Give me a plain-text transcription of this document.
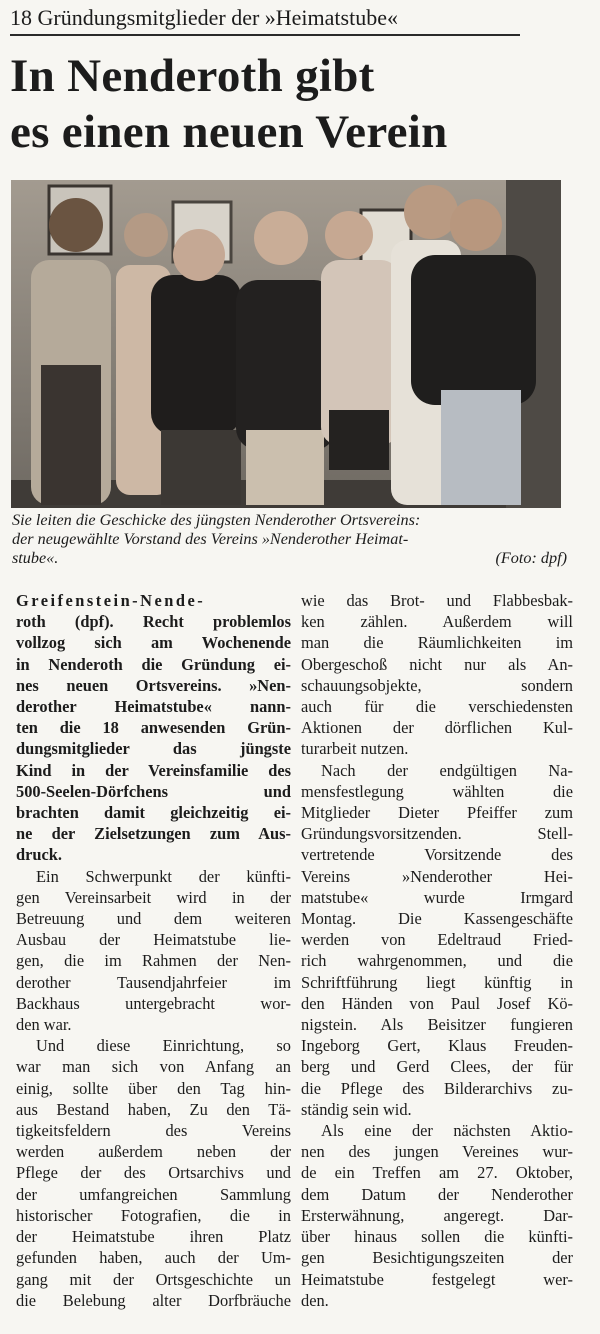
18 Gründungsmitglieder der »Heimatstube«
In Nenderoth gibt
es einen neuen Verein
Sie leiten die Geschicke des jüngsten Nenderother Ortsvereins:
der neugewählte Vorstand des Vereins »Nenderother Heimat-
stube«.	(Foto: dpf)
Greifenstein-Nende-
roth (dpf). Recht problemlos
vollzog sich am Wochenende
in Nenderoth die Gründung ei-
nes neuen Ortsvereins. »Nen-
derother Heimatstube« nann-
ten die 18 anwesenden Grün-
dungsmitglieder das jüngste
Kind in der Vereinsfamilie des
500-Seelen-Dörfchens und
brachten damit gleichzeitig ei-
ne der Zielsetzungen zum Aus-
druck.
Ein Schwerpunkt der künfti-
gen Vereinsarbeit wird in der
Betreuung und dem weiteren
Ausbau der Heimatstube lie-
gen, die im Rahmen der Nen-
derother Tausendjahrfeier im
Backhaus untergebracht wor-
den war.
Und diese Einrichtung, so
war man sich von Anfang an
einig, sollte über den Tag hin-
aus Bestand haben, Zu den Tä-
tigkeitsfeldern des Vereins
werden außerdem neben der
Pflege der des Ortsarchivs und
der umfangreichen Sammlung
historischer Fotografien, die in
der Heimatstube ihren Platz
gefunden haben, auch der Um-
gang mit der Ortsgeschichte un
die Belebung alter Dorfbräuche
wie das Brot- und Flabbesbak-
ken zählen. Außerdem will
man die Räumlichkeiten im
Obergeschoß nicht nur als An-
schauungsobjekte, sondern
auch für die verschiedensten
Aktionen der dörflichen Kul-
turarbeit nutzen.
Nach der endgültigen Na-
mensfestlegung wählten die
Mitglieder Dieter Pfeiffer zum
Gründungsvorsitzenden. Stell-
vertretende Vorsitzende des
Vereins »Nenderother Hei-
matstube« wurde Irmgard
Montag. Die Kassengeschäfte
werden von Edeltraud Fried-
rich wahrgenommen, und die
Schriftführung liegt künftig in
den Händen von Paul Josef Kö-
nigstein. Als Beisitzer fungieren
Ingeborg Gert, Klaus Freuden-
berg und Gerd Clees, der für
die Pflege des Bilderarchivs zu-
ständig sein wid.
Als eine der nächsten Aktio-
nen des jungen Vereines wur-
de ein Treffen am 27. Oktober,
dem Datum der Nenderother
Ersterwähnung, angeregt. Dar-
über hinaus sollen die künfti-
gen Besichtigungszeiten der
Heimatstube festgelegt wer-
den.
